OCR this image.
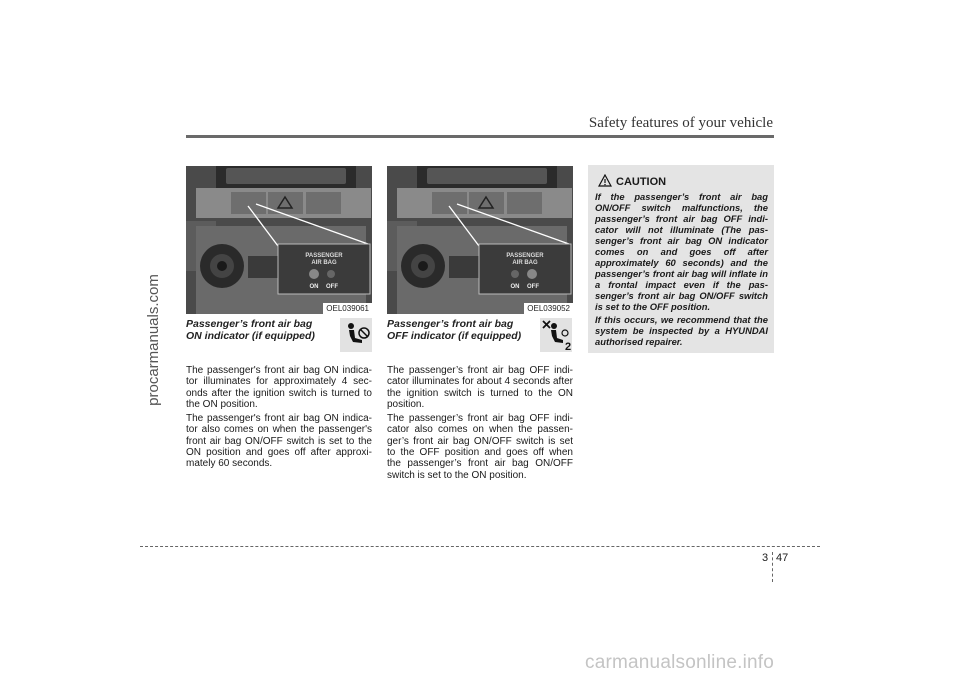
Safety features of your vehicle
procarmanuals.com
PASSENGER
AIR BAG
ON OFF
OEL039061
Passenger’s front air bag
ON indicator (if equipped)

The passenger's front air bag ON indica-tor illuminates for approximately 4 sec-onds after the ignition switch is turned to the ON position.

The passenger's front air bag ON indica-tor also comes on when the passenger's front air bag ON/OFF switch is set to the ON position and goes off after approxi-mately 60 seconds.

PASSENGER
AIR BAG
ON OFF
OEL039052
Passenger’s front air bag
OFF indicator (if equipped)
2

The passenger’s front air bag OFF indi-cator illuminates for about 4 seconds after the ignition switch is turned to the ON position.

The passenger’s front air bag OFF indi-cator also comes on when the passen-ger’s front air bag ON/OFF switch is set to the OFF position and goes off when the passenger’s front air bag ON/OFF switch is set to the ON position.

CAUTION

If the passenger’s front air bag ON/OFF switch malfunctions, the passenger’s front air bag OFF indi-cator will not illuminate (The pas-senger’s front air bag ON indicator comes on and goes off after approximately 60 seconds) and the passenger’s front air bag will inflate in a frontal impact even if the pas-senger’s front air bag ON/OFF switch is set to the OFF position.

If this occurs, we recommend that the system be inspected by a HYUNDAI authorised repairer.

3 47
carmanualsonline.info
